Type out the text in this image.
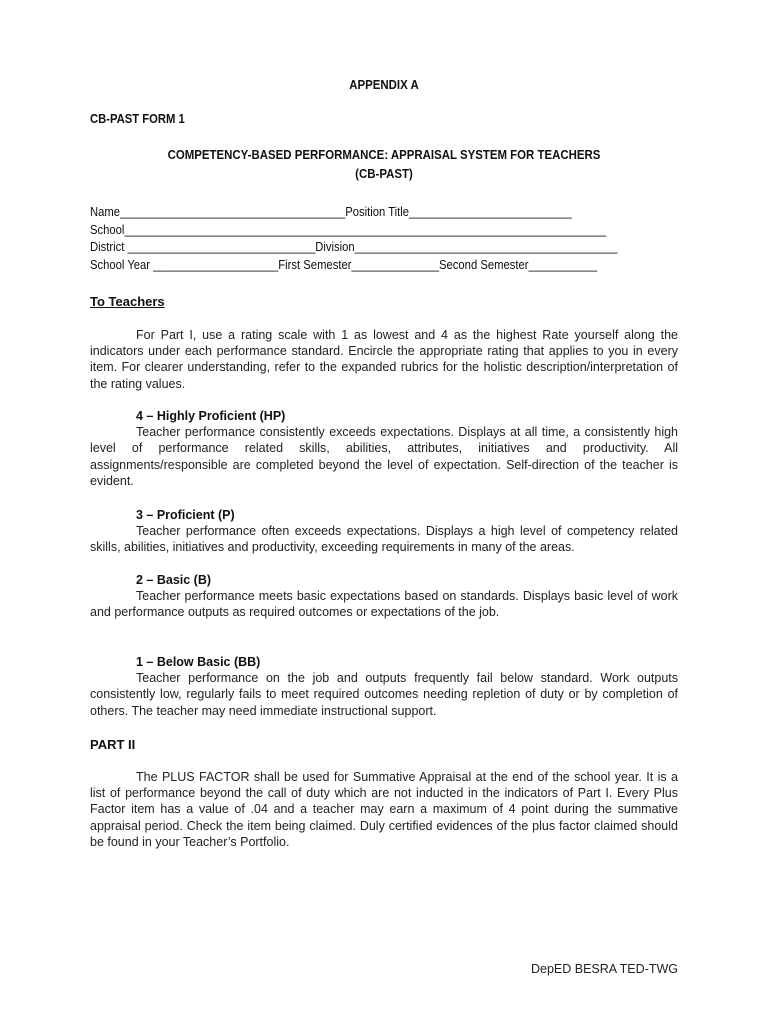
APPENDIX A
CB-PAST FORM 1
COMPETENCY-BASED PERFORMANCE: APPRAISAL SYSTEM FOR TEACHERS
(CB-PAST)
Name____________________________________Position Title__________________________
School_____________________________________________________________________________
District ______________________________Division__________________________________________
School Year ____________________First Semester______________Second Semester___________
To Teachers
For Part I, use a rating scale with 1 as lowest and 4 as the highest Rate yourself along the indicators under each performance standard. Encircle the appropriate rating that applies to you in every item. For clearer understanding, refer to the expanded rubrics for the holistic description/interpretation of the rating values.
4 – Highly Proficient (HP)
Teacher performance consistently exceeds expectations. Displays at all time, a consistently high level of performance related skills, abilities, attributes, initiatives and productivity. All assignments/responsible are completed beyond the level of expectation. Self-direction of the teacher is evident.
3 – Proficient (P)
Teacher performance often exceeds expectations. Displays a high level of competency related skills, abilities, initiatives and productivity, exceeding requirements in many of the areas.
2 – Basic (B)
Teacher performance meets basic expectations based on standards. Displays basic level of work and performance outputs as required outcomes or expectations of the job.
1 – Below Basic (BB)
Teacher performance on the job and outputs frequently fail below standard. Work outputs consistently low, regularly fails to meet required outcomes needing repletion of duty or by completion of others. The teacher may need immediate instructional support.
PART II
The PLUS FACTOR shall be used for Summative Appraisal at the end of the school year. It is a list of performance beyond the call of duty which are not inducted in the indicators of Part I. Every Plus Factor item has a value of .04 and a teacher may earn a maximum of 4 point during the summative appraisal period. Check the item being claimed. Duly certified evidences of the plus factor claimed should be found in your Teacher’s Portfolio.
DepED BESRA TED-TWG
